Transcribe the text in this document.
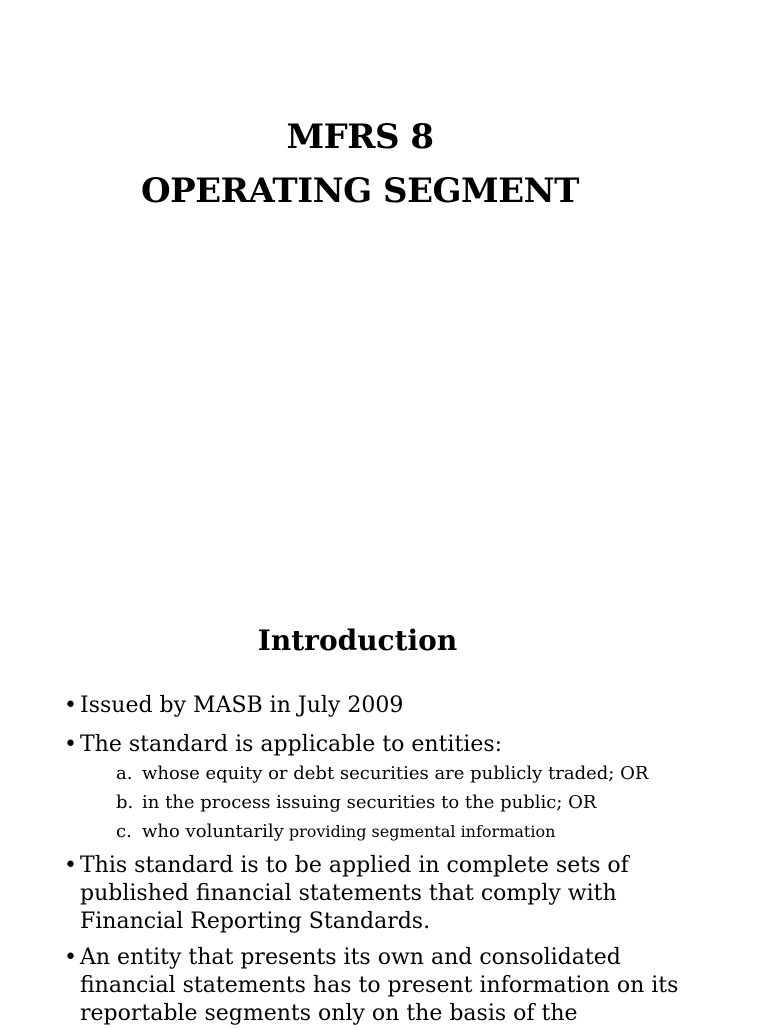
MFRS 8
OPERATING SEGMENT
Introduction
• Issued by MASB in July 2009
• The standard is applicable to entities:
a. whose equity or debt securities are publicly traded; OR
b. in the process issuing securities to the public; OR
c. who voluntarily providing segmental information
• This standard is to be applied in complete sets of published financial statements that comply with Financial Reporting Standards.
• An entity that presents its own and consolidated financial statements has to present information on its reportable segments only on the basis of the
